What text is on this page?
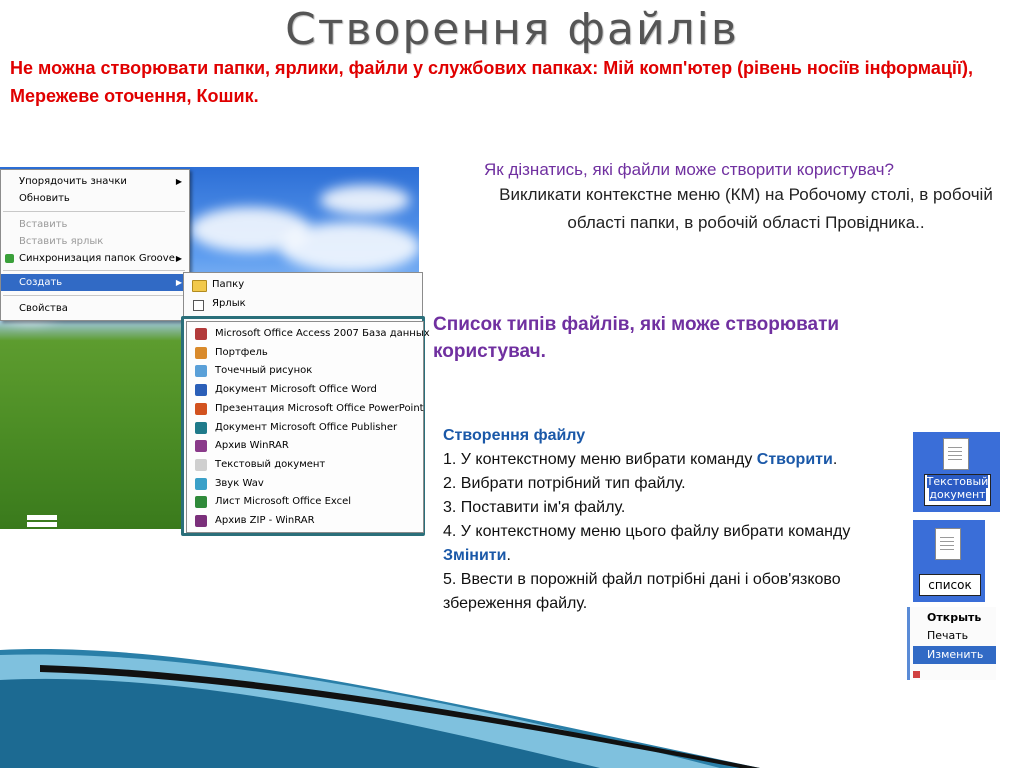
Створення файлів
Не можна створювати папки, ярлики, файли у службових папках: Мій комп'ютер (рівень носіїв інформації), Мережеве оточення, Кошик.
Упорядочить значки	▶
Обновить
Вставить
Вставить ярлык
Синхронизация папок Groove ▶
Создать	▶
Свойства
Папку
Ярлык
Microsoft Office Access 2007 База данных
Портфель
Точечный рисунок
Документ Microsoft Office Word
Презентация Microsoft Office PowerPoint
Документ Microsoft Office Publisher
Архив WinRAR
Текстовый документ
Звук Wav
Лист Microsoft Office Excel
Архив ZIP - WinRAR
Як дізнатись, які файли може створити користувач?
Викликати контекстне меню (КМ) на Робочому столі, в робочій області папки, в робочій області Провідника..
Список типів файлів, які може створювати користувач.
Створення файлу
1. У контекстному меню вибрати команду Створити.
2. Вибрати потрібний тип файлу.
3. Поставити ім'я файлу.
4. У контекстному меню цього файлу вибрати команду Змінити.
5. Ввести в порожній файл потрібні дані і обов'язково збереження файлу.
Текстовый документ
список
Открыть
Печать
Изменить
